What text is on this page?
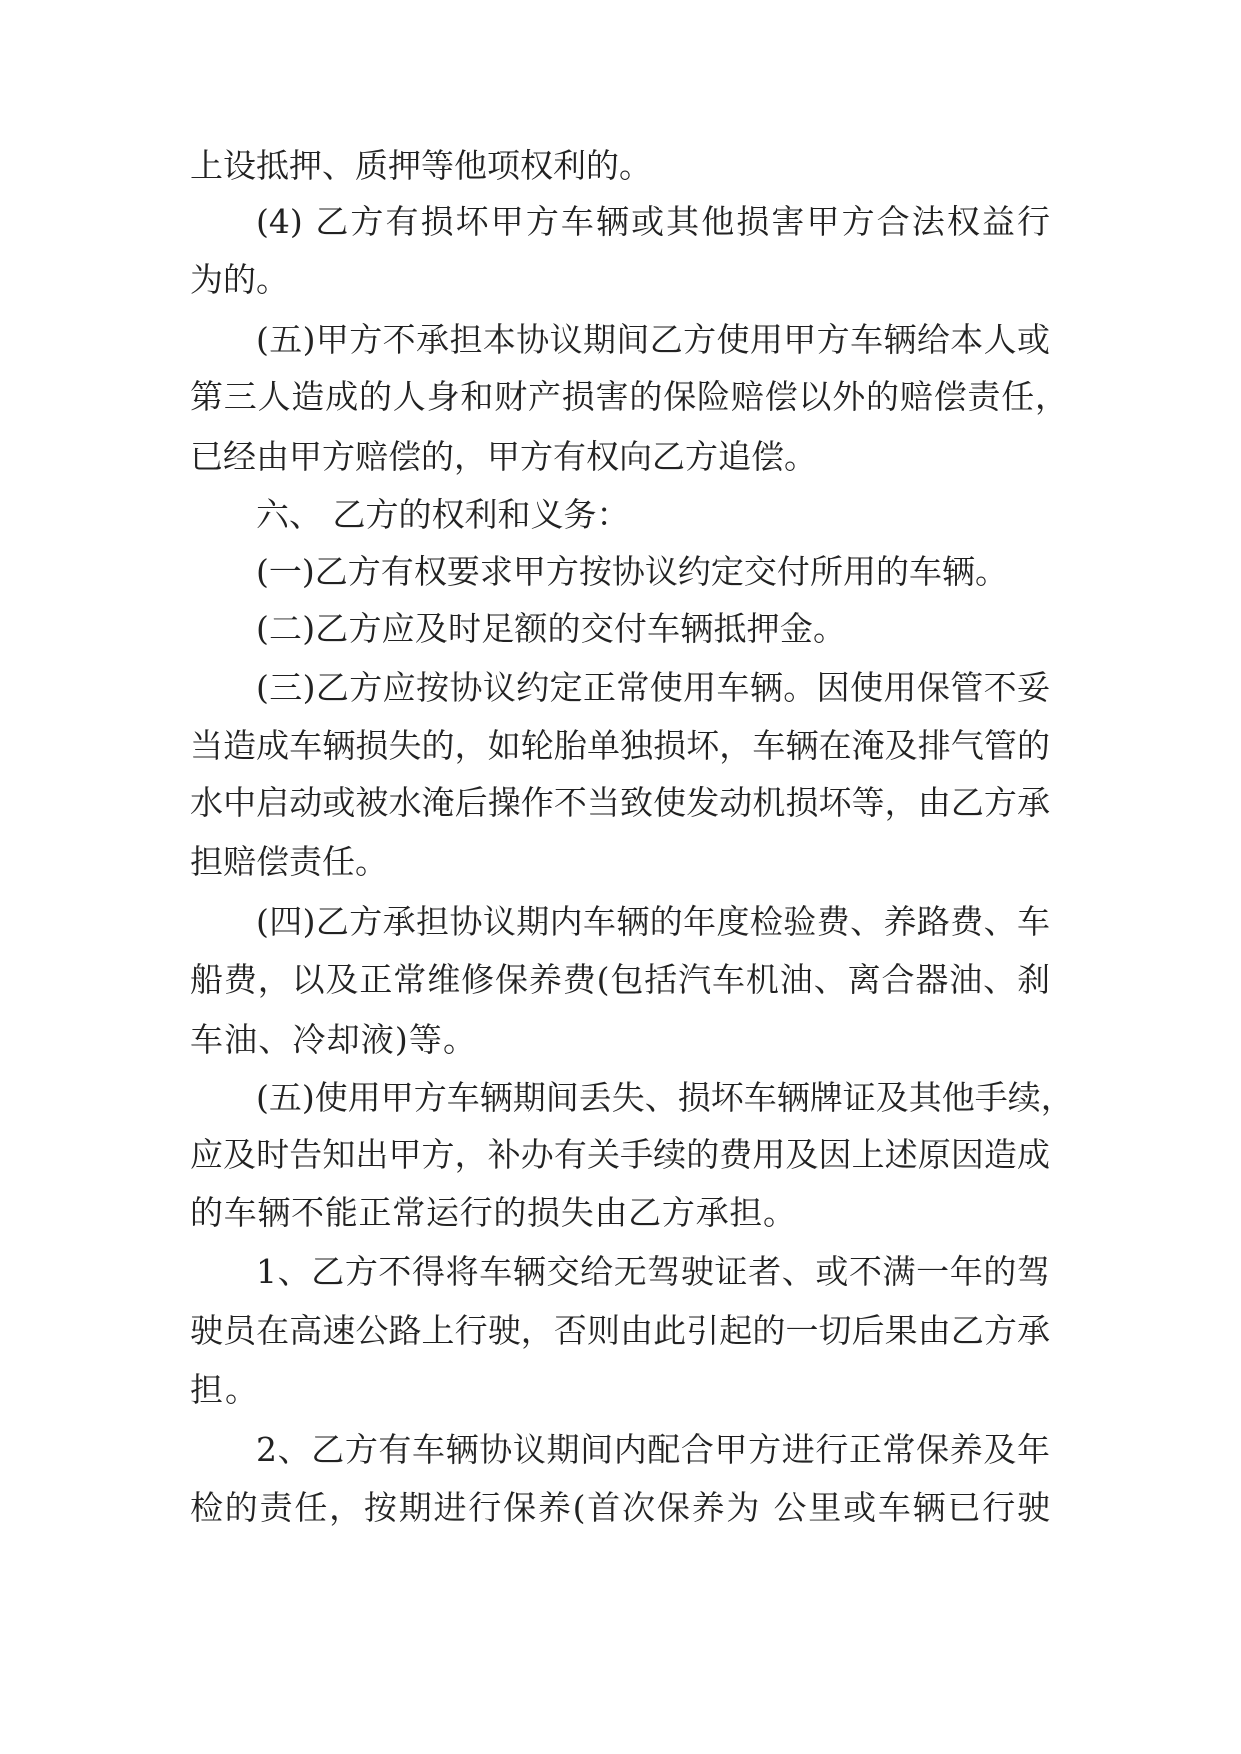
上设抵押、质押等他项权利的。
(4) 乙方有损坏甲方车辆或其他损害甲方合法权益行
为的。
(五)甲方不承担本协议期间乙方使用甲方车辆给本人或
第三人造成的人身和财产损害的保险赔偿以外的赔偿责任，
已经由甲方赔偿的，甲方有权向乙方追偿。
六、 乙方的权利和义务：
(一)乙方有权要求甲方按协议约定交付所用的车辆。
(二)乙方应及时足额的交付车辆抵押金。
(三)乙方应按协议约定正常使用车辆。因使用保管不妥
当造成车辆损失的，如轮胎单独损坏，车辆在淹及排气管的
水中启动或被水淹后操作不当致使发动机损坏等，由乙方承
担赔偿责任。
(四)乙方承担协议期内车辆的年度检验费、养路费、车
船费，以及正常维修保养费(包括汽车机油、离合器油、刹
车油、冷却液)等。
(五)使用甲方车辆期间丢失、损坏车辆牌证及其他手续，
应及时告知出甲方，补办有关手续的费用及因上述原因造成
的车辆不能正常运行的损失由乙方承担。
1、乙方不得将车辆交给无驾驶证者、或不满一年的驾
驶员在高速公路上行驶，否则由此引起的一切后果由乙方承
担。
2、乙方有车辆协议期间内配合甲方进行正常保养及年
检的责任，按期进行保养(首次保养为 公里或车辆已行驶
